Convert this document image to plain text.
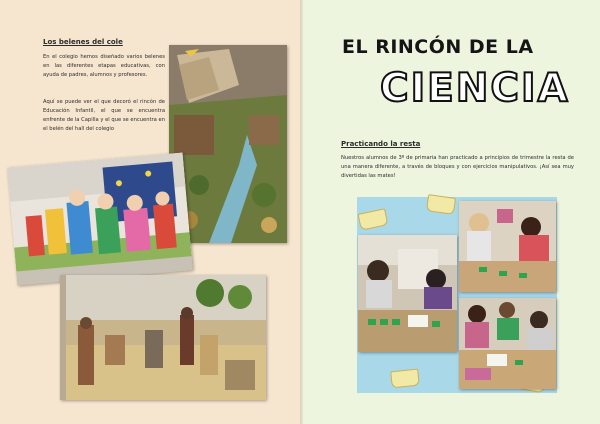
Los belenes del cole

En el colegio hemos diseñado varios belenes en las diferentes etapas educativas, con ayuda de padres, alumnos y profesores.

Aquí se puede ver el que decoró el rincón de Educación Infantil, el que se encuentra enfrente de la Capilla y el que se encuentra en el belén del hall del colegio

EL RINCÓN DE LA
CIENCIA
Practicando la resta

Nuestros alumnos de 3º de primaria han practicado a principios de trimestre la resta de una manera diferente, a través de bloques y con ejercicios manipulativos. ¡Así sea muy divertidas las mates!
